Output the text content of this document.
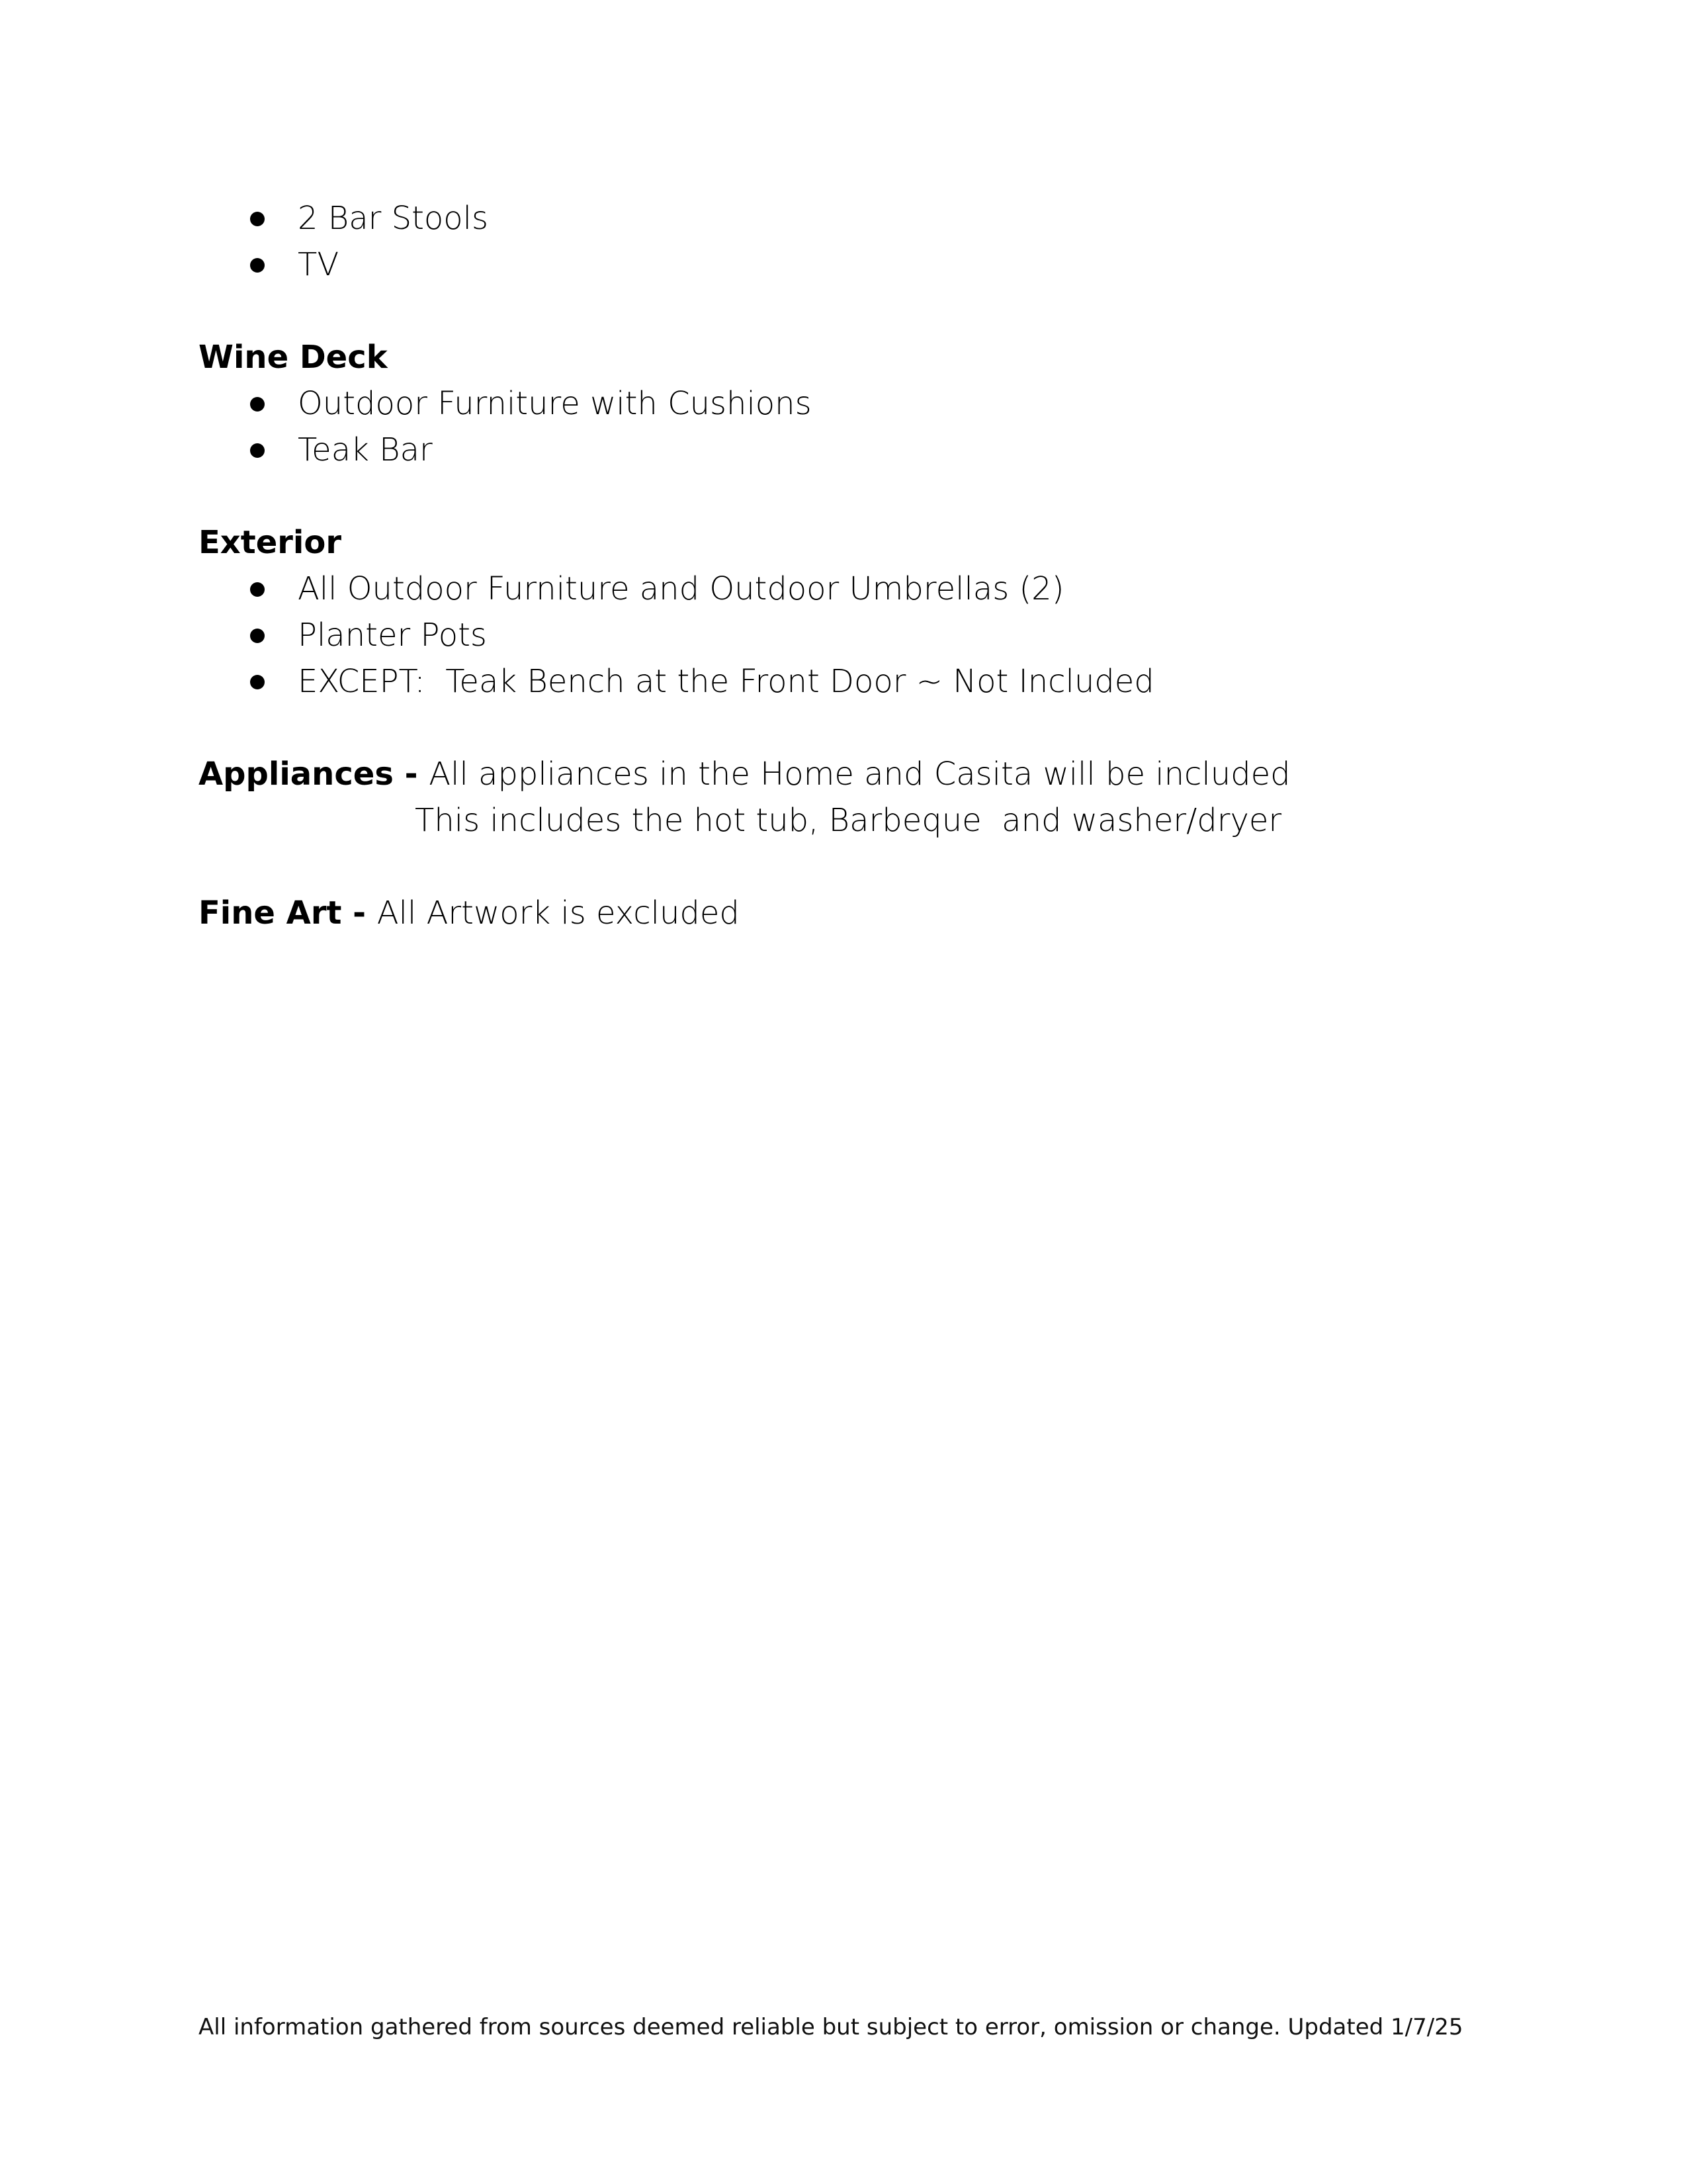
2 Bar Stools
TV
Wine Deck
Outdoor Furniture with Cushions
Teak Bar
Exterior
All Outdoor Furniture and Outdoor Umbrellas (2)
Planter Pots
EXCEPT:  Teak Bench at the Front Door ~ Not Included
Appliances - All appliances in the Home and Casita will be included
This includes the hot tub, Barbeque  and washer/dryer
Fine Art - All Artwork is excluded
All information gathered from sources deemed reliable but subject to error, omission or change. Updated 1/7/25
